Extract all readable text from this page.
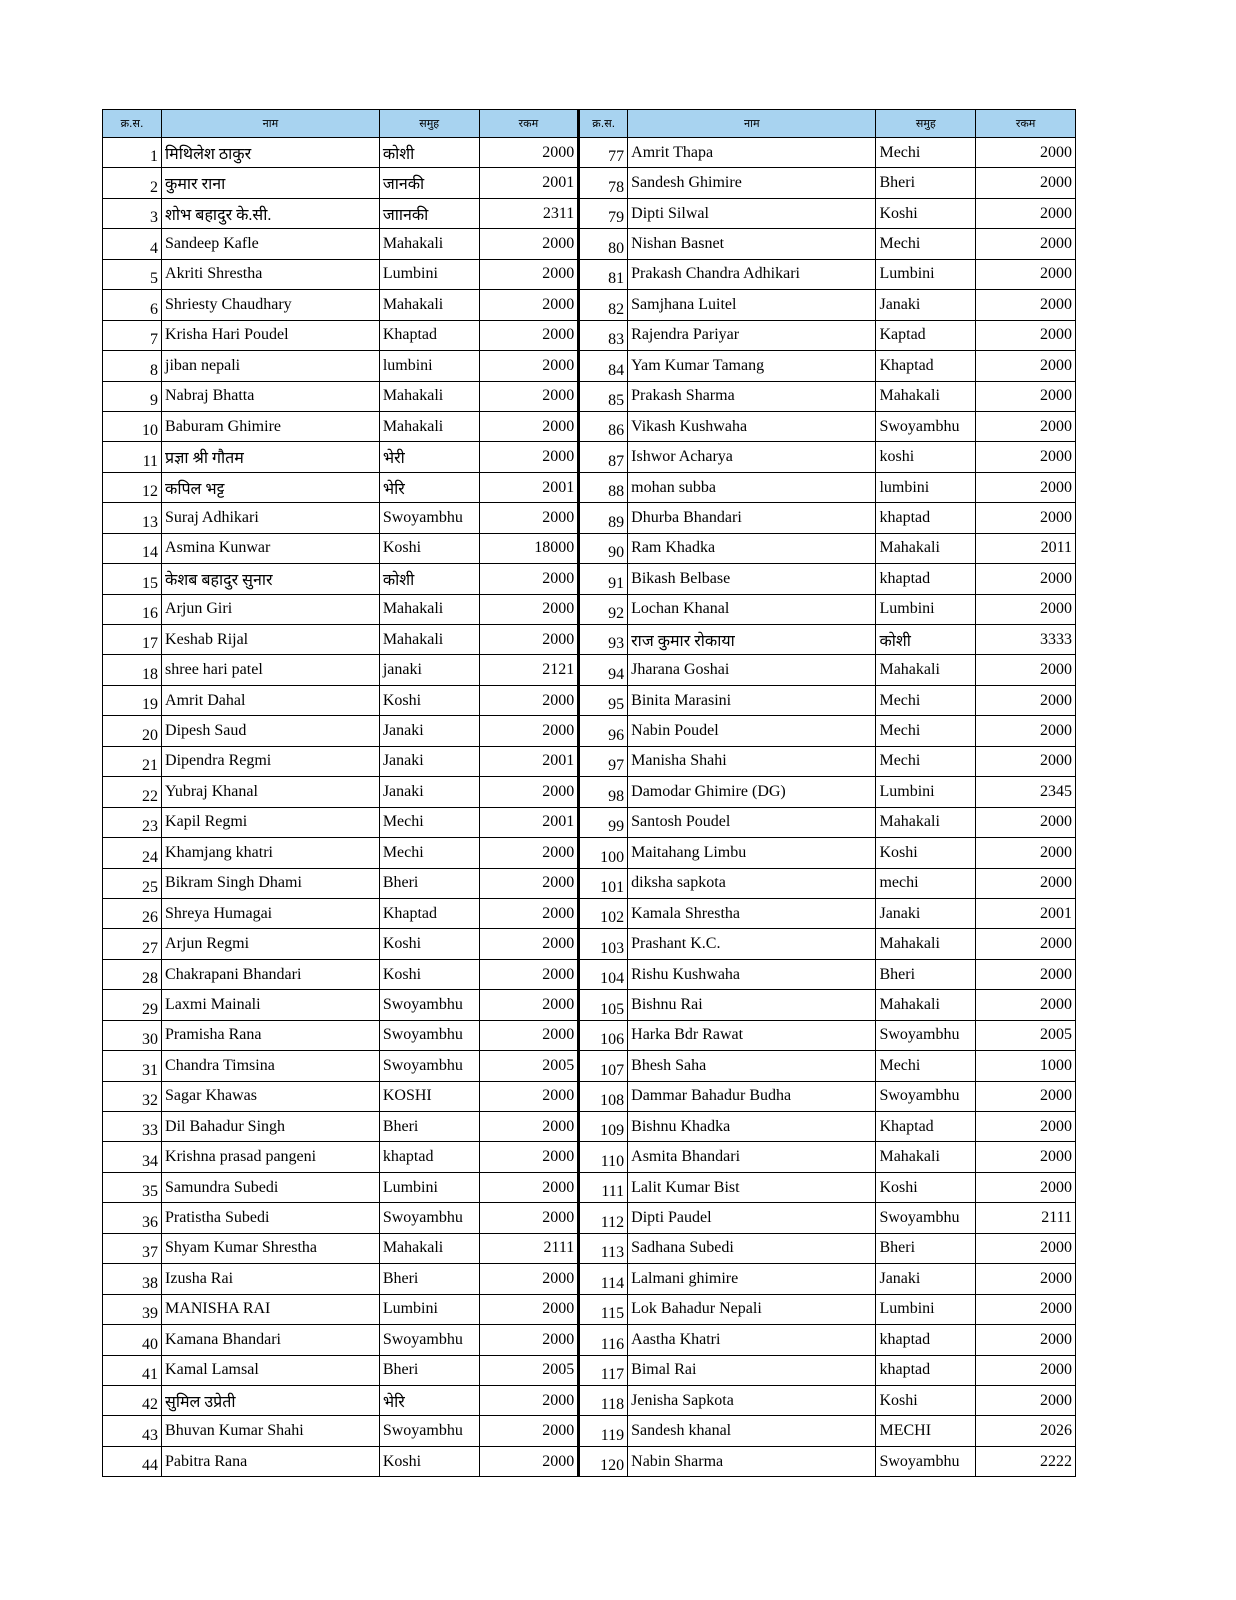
क्र.स.	नाम	समुह	रकम	क्र.स.	नाम	समुह	रकम
1	मिथिलेश ठाकुर	कोशी	2000	77	Amrit Thapa	Mechi	2000
2	कुमार राना	जानकी	2001	78	Sandesh Ghimire	Bheri	2000
3	शोभ बहादुर के.सी.	जाानकी	2311	79	Dipti Silwal	Koshi	2000
4	Sandeep Kafle	Mahakali	2000	80	Nishan Basnet	Mechi	2000
5	Akriti Shrestha	Lumbini	2000	81	Prakash Chandra Adhikari	Lumbini	2000
6	Shriesty Chaudhary	Mahakali	2000	82	Samjhana Luitel	Janaki	2000
7	Krisha Hari Poudel	Khaptad	2000	83	Rajendra Pariyar	Kaptad	2000
8	jiban nepali	lumbini	2000	84	Yam Kumar Tamang	Khaptad	2000
9	Nabraj Bhatta	Mahakali	2000	85	Prakash Sharma	Mahakali	2000
10	Baburam Ghimire	Mahakali	2000	86	Vikash Kushwaha	Swoyambhu	2000
11	प्रज्ञा श्री गौतम	भेरी	2000	87	Ishwor Acharya	koshi	2000
12	कपिल भट्ट	भेरि	2001	88	mohan subba	lumbini	2000
13	Suraj Adhikari	Swoyambhu	2000	89	Dhurba Bhandari	khaptad	2000
14	Asmina Kunwar	Koshi	18000	90	Ram Khadka	Mahakali	2011
15	केशब बहादुर सुनार	कोशी	2000	91	Bikash Belbase	khaptad	2000
16	Arjun Giri	Mahakali	2000	92	Lochan Khanal	Lumbini	2000
17	Keshab Rijal	Mahakali	2000	93	राज कुमार रोकाया	कोशी	3333
18	shree hari patel	janaki	2121	94	Jharana Goshai	Mahakali	2000
19	Amrit Dahal	Koshi	2000	95	Binita Marasini	Mechi	2000
20	Dipesh Saud	Janaki	2000	96	Nabin Poudel	Mechi	2000
21	Dipendra Regmi	Janaki	2001	97	Manisha Shahi	Mechi	2000
22	Yubraj Khanal	Janaki	2000	98	Damodar Ghimire (DG)	Lumbini	2345
23	Kapil Regmi	Mechi	2001	99	Santosh Poudel	Mahakali	2000
24	Khamjang khatri	Mechi	2000	100	Maitahang Limbu	Koshi	2000
25	Bikram Singh Dhami	Bheri	2000	101	diksha sapkota	mechi	2000
26	Shreya Humagai	Khaptad	2000	102	Kamala Shrestha	Janaki	2001
27	Arjun Regmi	Koshi	2000	103	Prashant K.C.	Mahakali	2000
28	Chakrapani Bhandari	Koshi	2000	104	Rishu Kushwaha	Bheri	2000
29	Laxmi Mainali	Swoyambhu	2000	105	Bishnu Rai	Mahakali	2000
30	Pramisha Rana	Swoyambhu	2000	106	Harka Bdr Rawat	Swoyambhu	2005
31	Chandra Timsina	Swoyambhu	2005	107	Bhesh Saha	Mechi	1000
32	Sagar Khawas	KOSHI	2000	108	Dammar Bahadur Budha	Swoyambhu	2000
33	Dil Bahadur Singh	Bheri	2000	109	Bishnu Khadka	Khaptad	2000
34	Krishna prasad pangeni	khaptad	2000	110	Asmita Bhandari	Mahakali	2000
35	Samundra Subedi	Lumbini	2000	111	Lalit Kumar Bist	Koshi	2000
36	Pratistha Subedi	Swoyambhu	2000	112	Dipti Paudel	Swoyambhu	2111
37	Shyam Kumar Shrestha	Mahakali	2111	113	Sadhana Subedi	Bheri	2000
38	Izusha Rai	Bheri	2000	114	Lalmani ghimire	Janaki	2000
39	MANISHA RAI	Lumbini	2000	115	Lok Bahadur Nepali	Lumbini	2000
40	Kamana Bhandari	Swoyambhu	2000	116	Aastha Khatri	khaptad	2000
41	Kamal Lamsal	Bheri	2005	117	Bimal Rai	khaptad	2000
42	सुमिल उप्रेती	भेरि	2000	118	Jenisha Sapkota	Koshi	2000
43	Bhuvan Kumar Shahi	Swoyambhu	2000	119	Sandesh khanal	MECHI	2026
44	Pabitra Rana	Koshi	2000	120	Nabin Sharma	Swoyambhu	2222
